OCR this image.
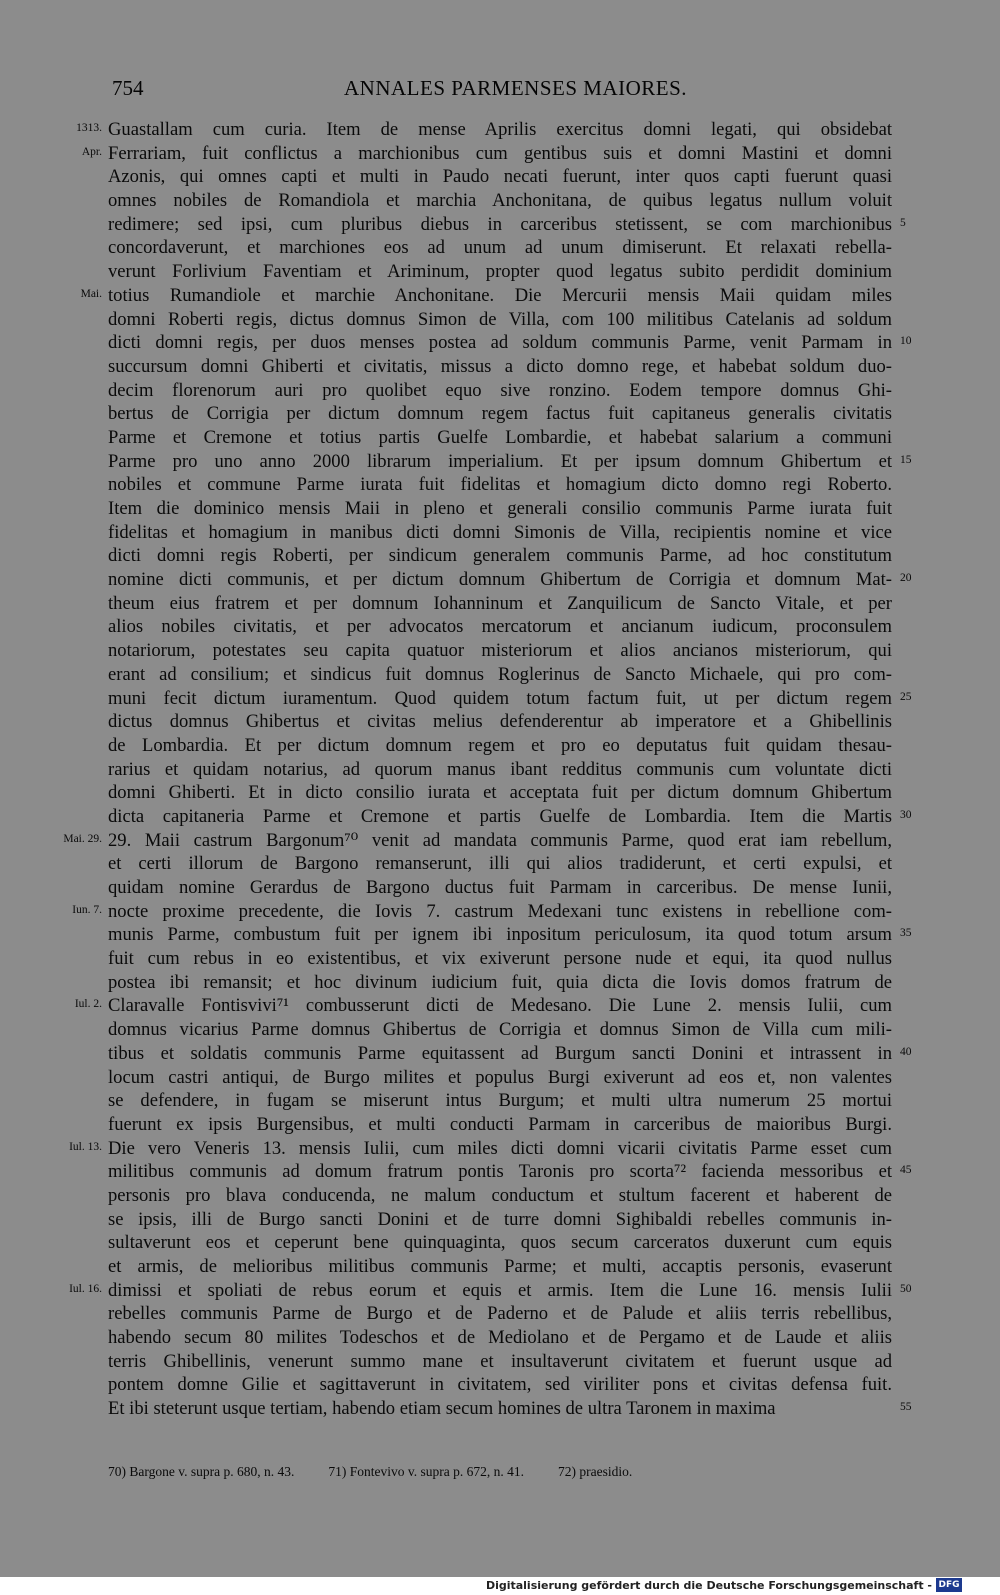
754	ANNALES PARMENSES MAIORES.
1313. Guastallam cum curia. Item de mense Aprilis exercitus domni legati, qui obsidebat
Apr. Ferrariam, fuit conflictus a marchionibus cum gentibus suis et domni Mastini et domni
Azonis, qui omnes capti et multi in Paudo necati fuerunt, inter quos capti fuerunt quasi
omnes nobiles de Romandiola et marchia Anchonitana, de quibus legatus nullum voluit
redimere; sed ipsi, cum pluribus diebus in carceribus stetissent, se com marchionibus 5
concordaverunt, et marchiones eos ad unum ad unum dimiserunt. Et relaxati rebella-
verunt Forlivium Faventiam et Ariminum, propter quod legatus subito perdidit dominium
Mai. totius Rumandiole et marchie Anchonitane. Die Mercurii mensis Maii quidam miles
domni Roberti regis, dictus domnus Simon de Villa, com 100 militibus Catelanis ad soldum
dicti domni regis, per duos menses postea ad soldum communis Parme, venit Parmam in 10
succursum domni Ghiberti et civitatis, missus a dicto domno rege, et habebat soldum duo-
decim florenorum auri pro quolibet equo sive ronzino. Eodem tempore domnus Ghi-
bertus de Corrigia per dictum domnum regem factus fuit capitaneus generalis civitatis
Parme et Cremone et totius partis Guelfe Lombardie, et habebat salarium a communi
Parme pro uno anno 2000 librarum imperialium. Et per ipsum domnum Ghibertum et 15
nobiles et commune Parme iurata fuit fidelitas et homagium dicto domno regi Roberto.
Item die dominico mensis Maii in pleno et generali consilio communis Parme iurata fuit
fidelitas et homagium in manibus dicti domni Simonis de Villa, recipientis nomine et vice
dicti domni regis Roberti, per sindicum generalem communis Parme, ad hoc constitutum
nomine dicti communis, et per dictum domnum Ghibertum de Corrigia et domnum Mat- 20
theum eius fratrem et per domnum Iohanninum et Zanquilicum de Sancto Vitale, et per
alios nobiles civitatis, et per advocatos mercatorum et ancianum iudicum, proconsulem
notariorum, potestates seu capita quatuor misteriorum et alios ancianos misteriorum, qui
erant ad consilium; et sindicus fuit domnus Roglerinus de Sancto Michaele, qui pro com-
muni fecit dictum iuramentum. Quod quidem totum factum fuit, ut per dictum regem 25
dictus domnus Ghibertus et civitas melius defenderentur ab imperatore et a Ghibellinis
de Lombardia. Et per dictum domnum regem et pro eo deputatus fuit quidam thesau-
rarius et quidam notarius, ad quorum manus ibant redditus communis cum voluntate dicti
domni Ghiberti. Et in dicto consilio iurata et acceptata fuit per dictum domnum Ghibertum
dicta capitaneria Parme et Cremone et partis Guelfe de Lombardia. Item die Martis 30
Mai. 29. 29. Maii castrum Bargonum⁷⁰ venit ad mandata communis Parme, quod erat iam rebellum,
et certi illorum de Bargono remanserunt, illi qui alios tradiderunt, et certi expulsi, et
quidam nomine Gerardus de Bargono ductus fuit Parmam in carceribus. De mense Iunii,
Iun. 7. nocte proxime precedente, die Iovis 7. castrum Medexani tunc existens in rebellione com-
munis Parme, combustum fuit per ignem ibi inpositum periculosum, ita quod totum arsum 35
fuit cum rebus in eo existentibus, et vix exiverunt persone nude et equi, ita quod nullus
postea ibi remansit; et hoc divinum iudicium fuit, quia dicta die Iovis domos fratrum de
Iul. 2. Claravalle Fontisvivi⁷¹ combusserunt dicti de Medesano. Die Lune 2. mensis Iulii, cum
domnus vicarius Parme domnus Ghibertus de Corrigia et domnus Simon de Villa cum mili-
tibus et soldatis communis Parme equitassent ad Burgum sancti Donini et intrassent in 40
locum castri antiqui, de Burgo milites et populus Burgi exiverunt ad eos et, non valentes
se defendere, in fugam se miserunt intus Burgum; et multi ultra numerum 25 mortui
fuerunt ex ipsis Burgensibus, et multi conducti Parmam in carceribus de maioribus Burgi.
Iul. 13. Die vero Veneris 13. mensis Iulii, cum miles dicti domni vicarii civitatis Parme esset cum
militibus communis ad domum fratrum pontis Taronis pro scorta⁷² facienda messoribus et 45
personis pro blava conducenda, ne malum conductum et stultum facerent et haberent de
se ipsis, illi de Burgo sancti Donini et de turre domni Sighibaldi rebelles communis in-
sultaverunt eos et ceperunt bene quinquaginta, quos secum carceratos duxerunt cum equis
et armis, de melioribus militibus communis Parme; et multi, accaptis personis, evaserunt
Iul. 16. dimissi et spoliati de rebus eorum et equis et armis. Item die Lune 16. mensis Iulii 50
rebelles communis Parme de Burgo et de Paderno et de Palude et aliis terris rebellibus,
habendo secum 80 milites Todeschos et de Mediolano et de Pergamo et de Laude et aliis
terris Ghibellinis, venerunt summo mane et insultaverunt civitatem et fuerunt usque ad
pontem domne Gilie et sagittaverunt in civitatem, sed viriliter pons et civitas defensa fuit.
Et ibi steterunt usque tertiam, habendo etiam secum homines de ultra Taronem in maxima	55
70) Bargone v. supra p. 680, n. 43.	71) Fontevivo v. supra p. 672, n. 41.	72) praesidio.
Digitalisierung gefördert durch die Deutsche Forschungsgemeinschaft - DFG
